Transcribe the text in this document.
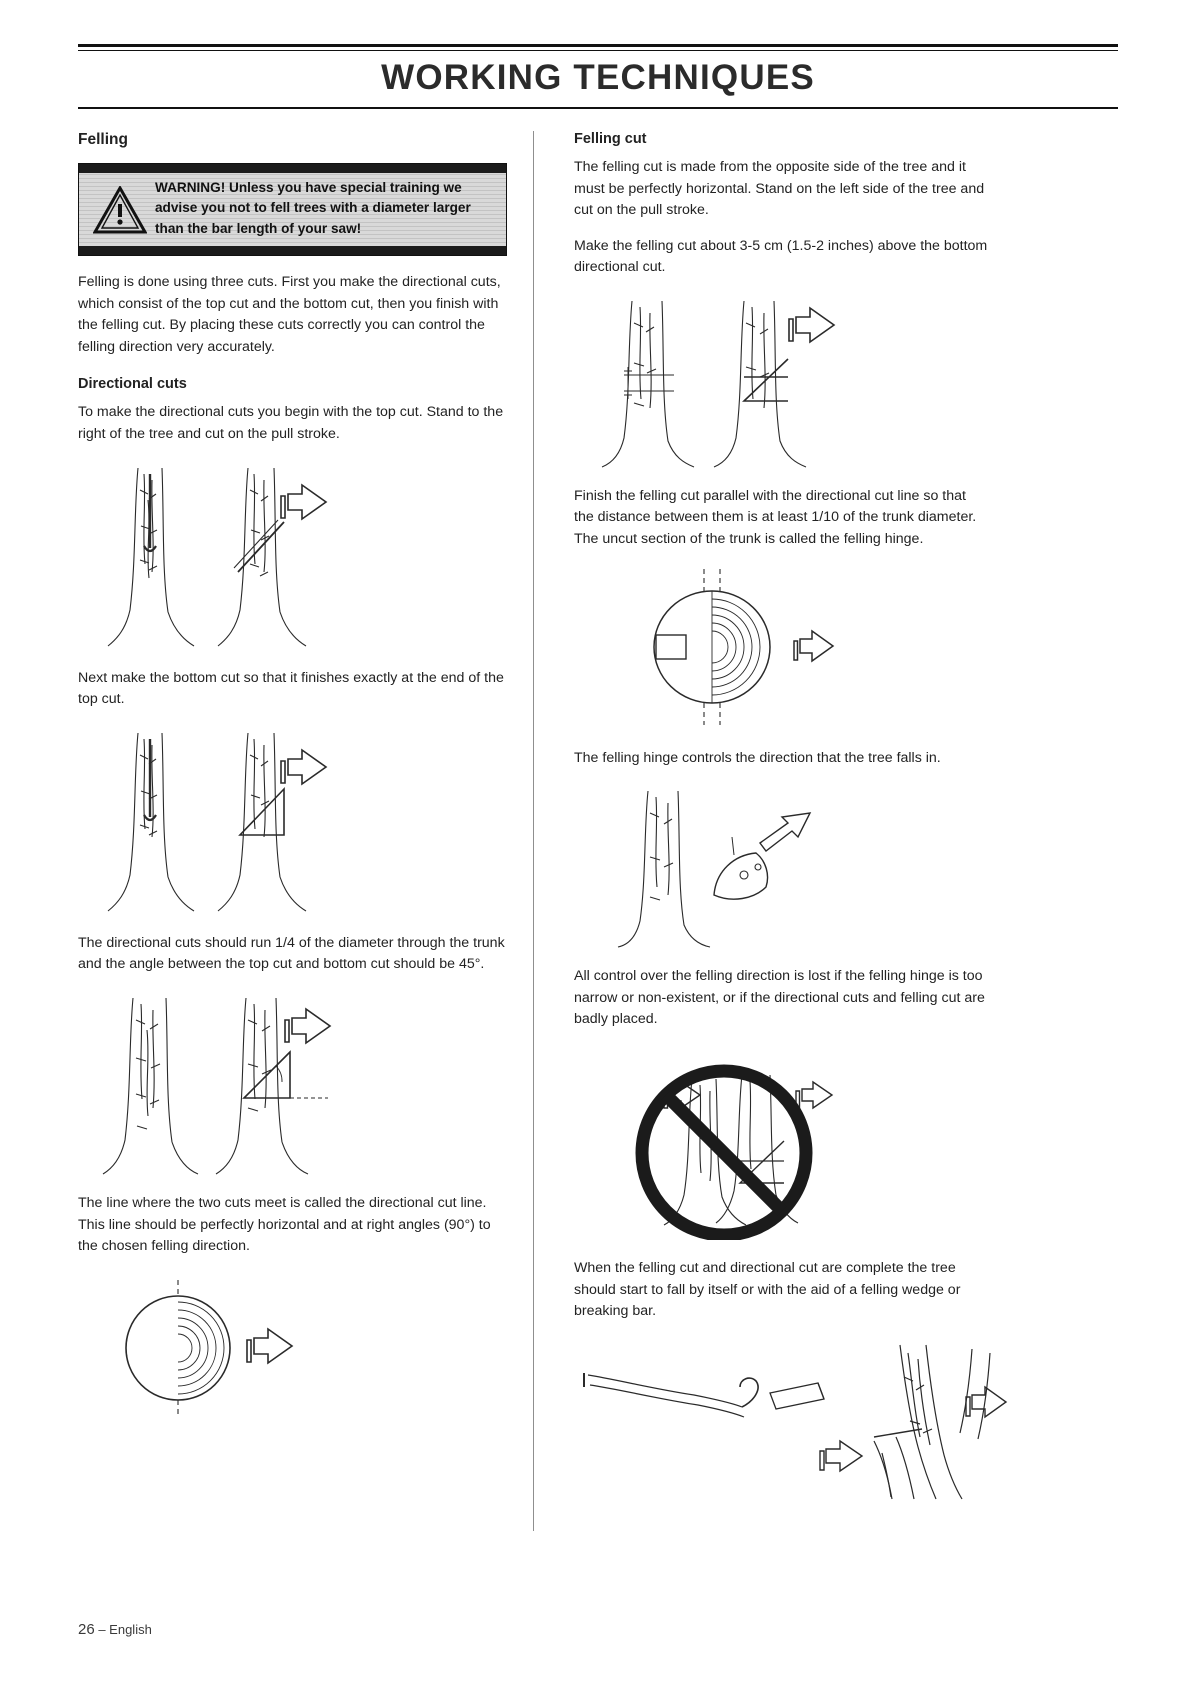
WORKING TECHNIQUES
Felling
WARNING! Unless you have special training we advise you not to fell trees with a diameter larger than the bar length of your saw!

Felling is done using three cuts. First you make the directional cuts, which consist of the top cut and the bottom cut, then you finish with the felling cut. By placing these cuts correctly you can control the felling direction very accurately.

Directional cuts

To make the directional cuts you begin with the top cut. Stand to the right of the tree and cut on the pull stroke.

Next make the bottom cut so that it finishes exactly at the end of the top cut.

The directional cuts should run 1/4 of the diameter through the trunk and the angle between the top cut and bottom cut should be 45°.

The line where the two cuts meet is called the directional cut line. This line should be perfectly horizontal and at right angles (90°) to the chosen felling direction.

Felling cut

The felling cut is made from the opposite side of the tree and it must be perfectly horizontal. Stand on the left side of the tree and cut on the pull stroke.

Make the felling cut about 3-5 cm (1.5-2 inches) above the bottom directional cut.

Finish the felling cut parallel with the directional cut line so that the distance between them is at least 1/10 of the trunk diameter. The uncut section of the trunk is called the felling hinge.

The felling hinge controls the direction that the tree falls in.

All control over the felling direction is lost if the felling hinge is too narrow or non-existent, or if the directional cuts and felling cut are badly placed.

When the felling cut and directional cut are complete the tree should start to fall by itself or with the aid of a felling wedge or breaking bar.

26 – English
